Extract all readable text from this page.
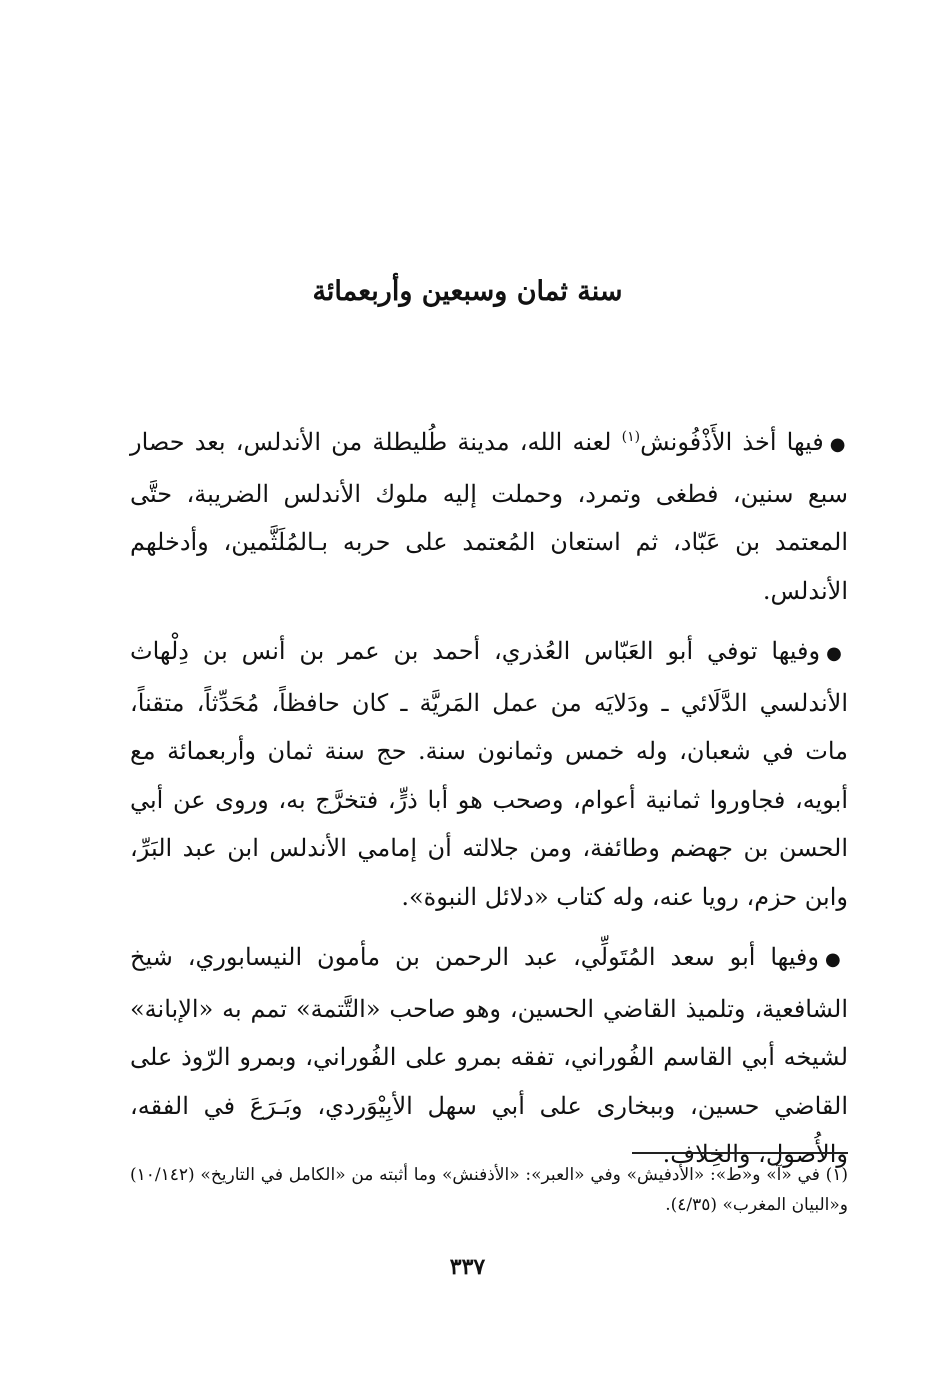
سنة ثمان وسبعين وأربعمائة

●فيها أخذ الأَذْفُونش$^{(١)}$ لعنه الله، مدينة طُليطلة من الأندلس، بعد حصار سبع سنين، فطغى وتمرد، وحملت إليه ملوك الأندلس الضريبة، حتَّى المعتمد بن عَبّاد، ثم استعان المُعتمد على حربه بـالمُلَثَّمين، وأدخلهم الأندلس.

●وفيها توفي أبو العَبّاس العُذري، أحمد بن عمر بن أنس بن دِلْهاث الأندلسي الدَّلَائي ـ ودَلايَه من عمل المَريَّة ـ كان حافظاً، مُحَدِّثاً، متقناً، مات في شعبان، وله خمس وثمانون سنة. حج سنة ثمان وأربعمائة مع أبويه، فجاوروا ثمانية أعوام، وصحب هو أبا ذرٍّ، فتخرَّج به، وروى عن أبي الحسن بن جهضم وطائفة، ومن جلالته أن إمامي الأندلس ابن عبد البَرِّ، وابن حزم، رويا عنه، وله كتاب «دلائل النبوة».

●وفيها أبو سعد المُتَولِّي، عبد الرحمن بن مأمون النيسابوري، شيخ الشافعية، وتلميذ القاضي الحسين، وهو صاحب «التَّتمة» تمم به «الإبانة» لشيخه أبي القاسم الفُوراني، تفقه بمرو على الفُوراني، وبمرو الرّوذ على القاضي حسين، وببخارى على أبي سهل الأبِيْوَردي، وبَـرَعَ في الفقه، والأُصول، والخِلاف.

(١) في «آ» و«ط»: «الأدفيش» وفي «العبر»: «الأذفنش» وما أثبته من «الكامل في التاريخ» (١٠/١٤٢) و«البيان المغرب» (٤/٣٥).
٣٣٧
